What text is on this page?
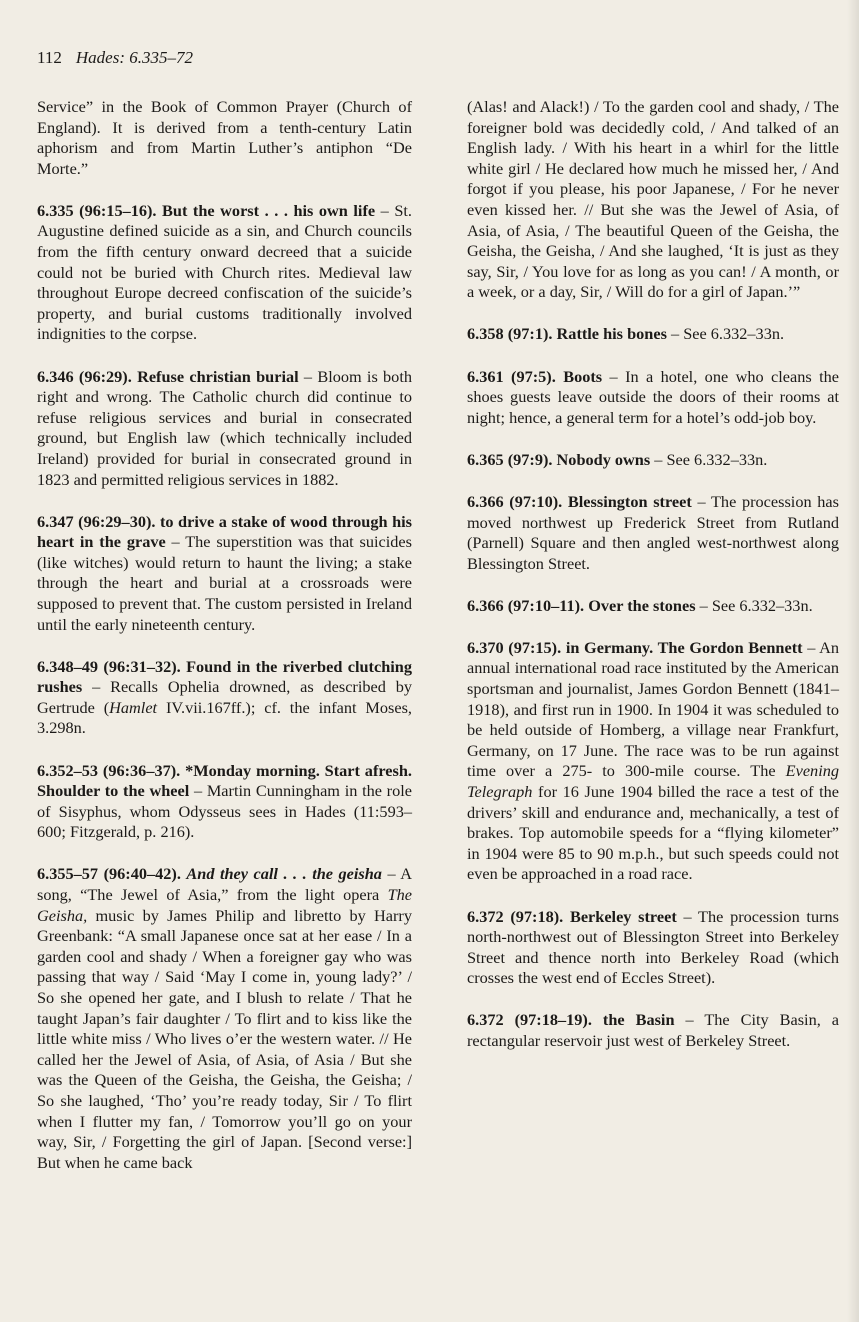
112 Hades: 6.335–72

Service” in the Book of Common Prayer (Church of England). It is derived from a tenth-century Latin aphorism and from Martin Luther’s antiphon “De Morte.”

6.335 (96:15–16). But the worst . . . his own life – St. Augustine defined suicide as a sin, and Church councils from the fifth century onward decreed that a suicide could not be buried with Church rites. Medieval law throughout Europe decreed confiscation of the suicide’s property, and burial customs traditionally involved indignities to the corpse.

6.346 (96:29). Refuse christian burial – Bloom is both right and wrong. The Catholic church did continue to refuse religious services and burial in consecrated ground, but English law (which technically included Ireland) provided for burial in consecrated ground in 1823 and permitted religious services in 1882.

6.347 (96:29–30). to drive a stake of wood through his heart in the grave – The superstition was that suicides (like witches) would return to haunt the living; a stake through the heart and burial at a crossroads were supposed to prevent that. The custom persisted in Ireland until the early nineteenth century.

6.348–49 (96:31–32). Found in the riverbed clutching rushes – Recalls Ophelia drowned, as described by Gertrude (Hamlet IV.vii.167ff.); cf. the infant Moses, 3.298n.

6.352–53 (96:36–37). *Monday morning. Start afresh. Shoulder to the wheel – Martin Cunningham in the role of Sisyphus, whom Odysseus sees in Hades (11:593–600; Fitzgerald, p. 216).

6.355–57 (96:40–42). And they call . . . the geisha – A song, “The Jewel of Asia,” from the light opera The Geisha, music by James Philip and libretto by Harry Greenbank: “A small Japanese once sat at her ease / In a garden cool and shady / When a foreigner gay who was passing that way / Said ‘May I come in, young lady?’ / So she opened her gate, and I blush to relate / That he taught Japan’s fair daughter / To flirt and to kiss like the little white miss / Who lives o’er the western water. // He called her the Jewel of Asia, of Asia, of Asia / But she was the Queen of the Geisha, the Geisha, the Geisha; / So she laughed, ‘Tho’ you’re ready today, Sir / To flirt when I flutter my fan, / Tomorrow you’ll go on your way, Sir, / Forgetting the girl of Japan. [Second verse:] But when he came back

(Alas! and Alack!) / To the garden cool and shady, / The foreigner bold was decidedly cold, / And talked of an English lady. / With his heart in a whirl for the little white girl / He declared how much he missed her, / And forgot if you please, his poor Japanese, / For he never even kissed her. // But she was the Jewel of Asia, of Asia, of Asia, / The beautiful Queen of the Geisha, the Geisha, the Geisha, / And she laughed, ‘It is just as they say, Sir, / You love for as long as you can! / A month, or a week, or a day, Sir, / Will do for a girl of Japan.’”

6.358 (97:1). Rattle his bones – See 6.332–33n.

6.361 (97:5). Boots – In a hotel, one who cleans the shoes guests leave outside the doors of their rooms at night; hence, a general term for a hotel’s odd-job boy.

6.365 (97:9). Nobody owns – See 6.332–33n.

6.366 (97:10). Blessington street – The procession has moved northwest up Frederick Street from Rutland (Parnell) Square and then angled west-northwest along Blessington Street.

6.366 (97:10–11). Over the stones – See 6.332–33n.

6.370 (97:15). in Germany. The Gordon Bennett – An annual international road race instituted by the American sportsman and journalist, James Gordon Bennett (1841–1918), and first run in 1900. In 1904 it was scheduled to be held outside of Homberg, a village near Frankfurt, Germany, on 17 June. The race was to be run against time over a 275- to 300-mile course. The Evening Telegraph for 16 June 1904 billed the race a test of the drivers’ skill and endurance and, mechanically, a test of brakes. Top automobile speeds for a “flying kilometer” in 1904 were 85 to 90 m.p.h., but such speeds could not even be approached in a road race.

6.372 (97:18). Berkeley street – The procession turns north-northwest out of Blessington Street into Berkeley Street and thence north into Berkeley Road (which crosses the west end of Eccles Street).

6.372 (97:18–19). the Basin – The City Basin, a rectangular reservoir just west of Berkeley Street.
